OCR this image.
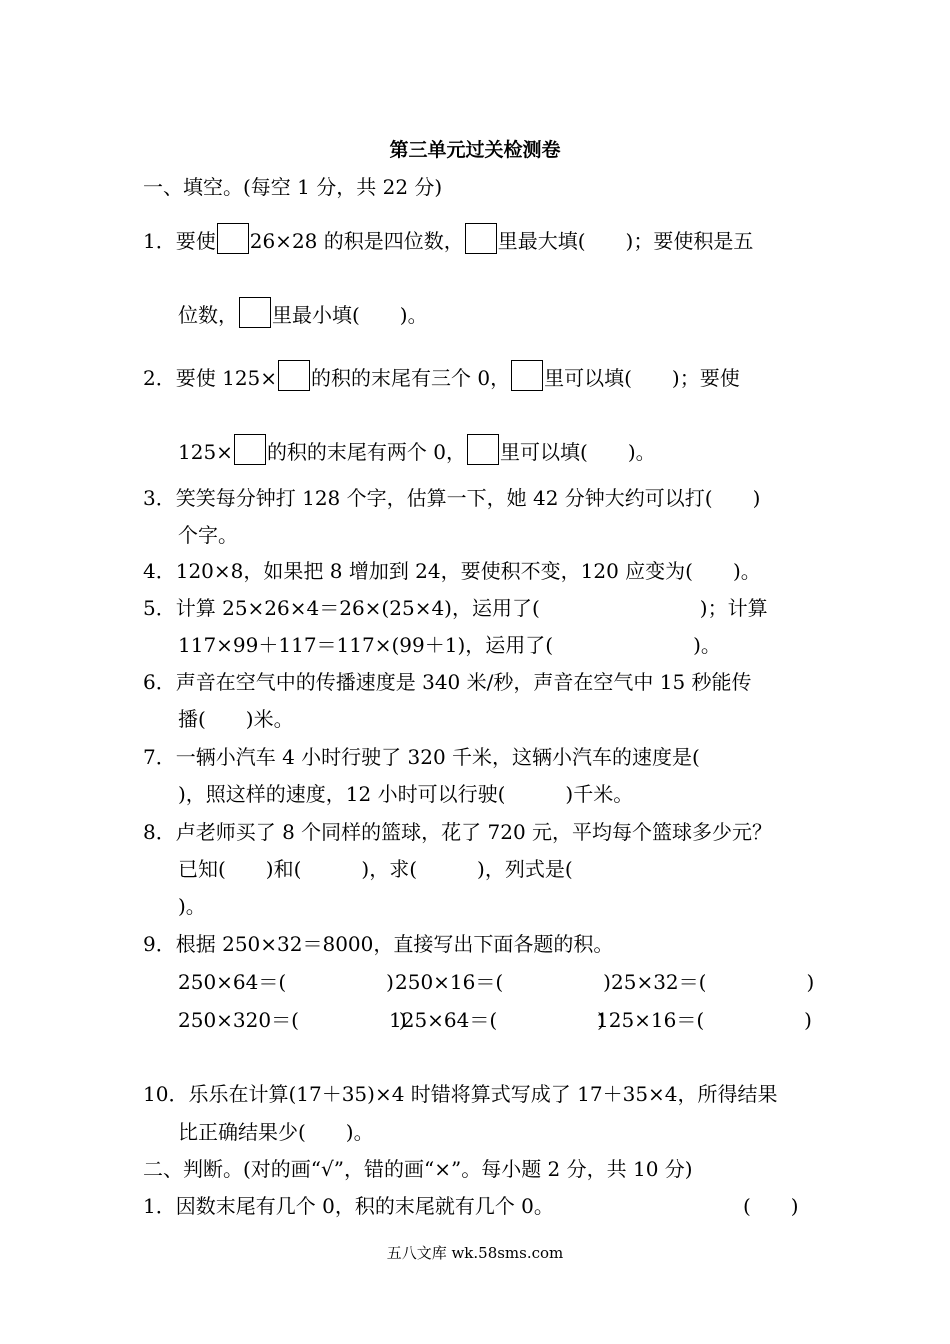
第三单元过关检测卷
一、填空。(每空 1 分，共 22 分)
1．要使 26×28 的积是四位数， 里最大填(　　)；要使积是五
位数， 里最小填(　　)。
2．要使 125× 的积的末尾有三个 0， 里可以填(　　)；要使
125× 的积的末尾有两个 0， 里可以填(　　)。
3．笑笑每分钟打 128 个字，估算一下，她 42 分钟大约可以打(　　)
个字。
4．120×8，如果把 8 增加到 24，要使积不变，120 应变为(　　)。
5．计算 25×26×4＝26×(25×4)，运用了(　　　　　　　　)；计算
117×99＋117＝117×(99＋1)，运用了(　　　　　　　)。
6．声音在空气中的传播速度是 340 米/秒，声音在空气中 15 秒能传
播(　　)米。
7．一辆小汽车 4 小时行驶了 320 千米，这辆小汽车的速度是(
)，照这样的速度，12 小时可以行驶(　　　)千米。
8．卢老师买了 8 个同样的篮球，花了 720 元，平均每个篮球多少元？
已知(　　)和(　　　)，求(　　　)，列式是(
)。
9．根据 250×32＝8000，直接写出下面各题的积。
250×64＝(　　　　　) 250×16＝(　　　　　) 25×32＝(　　　　　)
250×320＝(　　　　　)
125×64＝(　　　　　)
125×16＝(　　　　　)
10．乐乐在计算(17＋35)×4 时错将算式写成了 17＋35×4，所得结果
比正确结果少(　　)。
二、判断。(对的画“√”，错的画“×”。每小题 2 分，共 10 分)
1．因数末尾有几个 0，积的末尾就有几个 0。	(　　)
五八文库 wk.58sms.com
